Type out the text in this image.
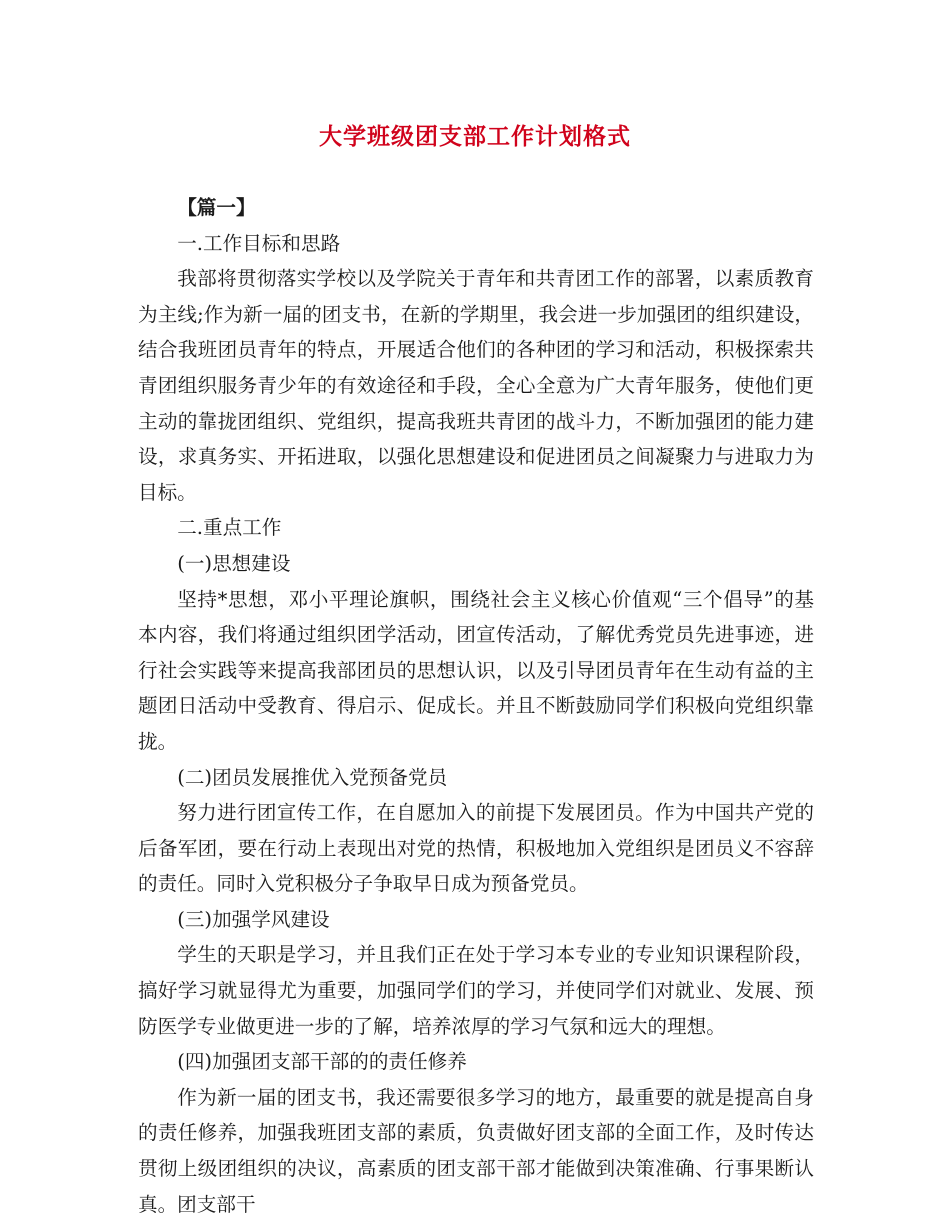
大学班级团支部工作计划格式

【篇一】

一.工作目标和思路

我部将贯彻落实学校以及学院关于青年和共青团工作的部署，以素质教育为主线;作为新一届的团支书，在新的学期里，我会进一步加强团的组织建设，结合我班团员青年的特点，开展适合他们的各种团的学习和活动，积极探索共青团组织服务青少年的有效途径和手段，全心全意为广大青年服务，使他们更主动的靠拢团组织、党组织，提高我班共青团的战斗力，不断加强团的能力建设，求真务实、开拓进取，以强化思想建设和促进团员之间凝聚力与进取力为目标。

二.重点工作

(一)思想建设

坚持*思想，邓小平理论旗帜，围绕社会主义核心价值观“三个倡导”的基本内容，我们将通过组织团学活动，团宣传活动，了解优秀党员先进事迹，进行社会实践等来提高我部团员的思想认识，以及引导团员青年在生动有益的主题团日活动中受教育、得启示、促成长。并且不断鼓励同学们积极向党组织靠拢。

(二)团员发展推优入党预备党员

努力进行团宣传工作，在自愿加入的前提下发展团员。作为中国共产党的后备军团，要在行动上表现出对党的热情，积极地加入党组织是团员义不容辞的责任。同时入党积极分子争取早日成为预备党员。

(三)加强学风建设

学生的天职是学习，并且我们正在处于学习本专业的专业知识课程阶段，搞好学习就显得尤为重要，加强同学们的学习，并使同学们对就业、发展、预防医学专业做更进一步的了解，培养浓厚的学习气氛和远大的理想。

(四)加强团支部干部的的责任修养

作为新一届的团支书，我还需要很多学习的地方，最重要的就是提高自身的责任修养，加强我班团支部的素质，负责做好团支部的全面工作，及时传达贯彻上级团组织的决议，高素质的团支部干部才能做到决策准确、行事果断认真。团支部干
